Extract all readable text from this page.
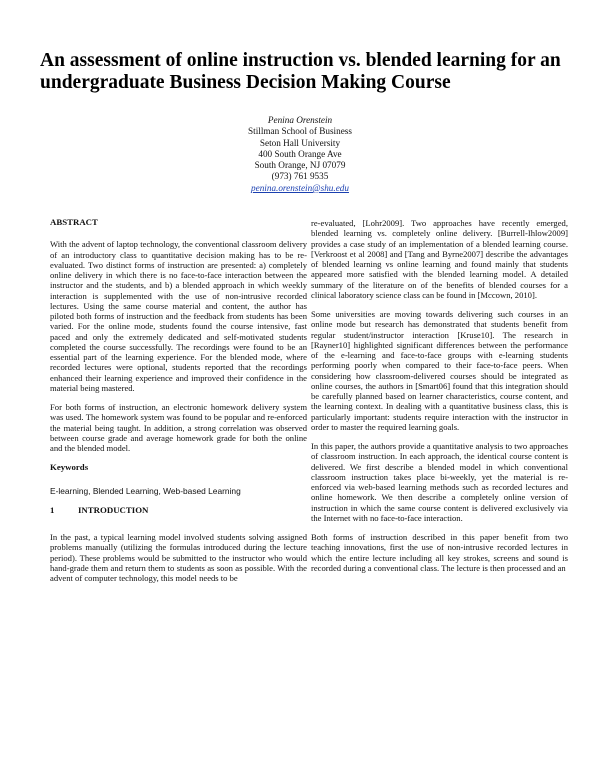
An assessment of online instruction vs. blended learning for an undergraduate Business Decision Making Course
Penina Orenstein
Stillman School of Business
Seton Hall University
400 South Orange Ave
South Orange, NJ 07079
(973) 761 9535
penina.orenstein@shu.edu
ABSTRACT

With the advent of laptop technology, the conventional classroom delivery of an introductory class to quantitative decision making has to be re-evaluated. Two distinct forms of instruction are presented: a) completely online delivery in which there is no face-to-face interaction between the instructor and the students, and b) a blended approach in which weekly interaction is supplemented with the use of non-intrusive recorded lectures. Using the same course material and content, the author has piloted both forms of instruction and the feedback from students has been varied. For the online mode, students found the course intensive, fast paced and only the extremely dedicated and self-motivated students completed the course successfully. The recordings were found to be an essential part of the learning experience. For the blended mode, where recorded lectures were optional, students reported that the recordings enhanced their learning experience and improved their confidence in the material being mastered.

For both forms of instruction, an electronic homework delivery system was used. The homework system was found to be popular and re-enforced the material being taught. In addition, a strong correlation was observed between course grade and average homework grade for both the online and the blended model.

Keywords

E-learning, Blended Learning, Web-based Learning

1	INTRODUCTION

In the past, a typical learning model involved students solving assigned problems manually (utilizing the formulas introduced during the lecture period). These problems would be submitted to the instructor who would hand-grade them and return them to students as soon as possible. With the advent of computer technology, this model needs to be

re-evaluated, [Lohr2009]. Two approaches have recently emerged, blended learning vs. completely online delivery. [Burrell-Ihlow2009] provides a case study of an implementation of a blended learning course. [Verkroost et al 2008] and [Tang and Byrne2007] describe the advantages of blended learning vs online learning and found mainly that students appeared more satisfied with the blended learning model. A detailed summary of the literature on of the benefits of blended courses for a clinical laboratory science class can be found in [Mccown, 2010].

Some universities are moving towards delivering such courses in an online mode but research has demonstrated that students benefit from regular student/instructor interaction [Kruse10]. The research in [Rayner10] highlighted significant differences between the performance of the e-learning and face-to-face groups with e-learning students performing poorly when compared to their face-to-face peers. When considering how classroom-delivered courses should be integrated as online courses, the authors in [Smart06] found that this integration should be carefully planned based on learner characteristics, course content, and the learning context. In dealing with a quantitative business class, this is particularly important: students require interaction with the instructor in order to master the required learning goals.

In this paper, the authors provide a quantitative analysis to two approaches of classroom instruction. In each approach, the identical course content is delivered. We first describe a blended model in which conventional classroom instruction takes place bi-weekly, yet the material is re-enforced via web-based learning methods such as recorded lectures and online homework. We then describe a completely online version of instruction in which the same course content is delivered exclusively via the Internet with no face-to-face interaction.

Both forms of instruction described in this paper benefit from two teaching innovations, first the use of non-intrusive recorded lectures in which the entire lecture including all key strokes, screens and sound is recorded during a conventional class. The lecture is then processed and an
